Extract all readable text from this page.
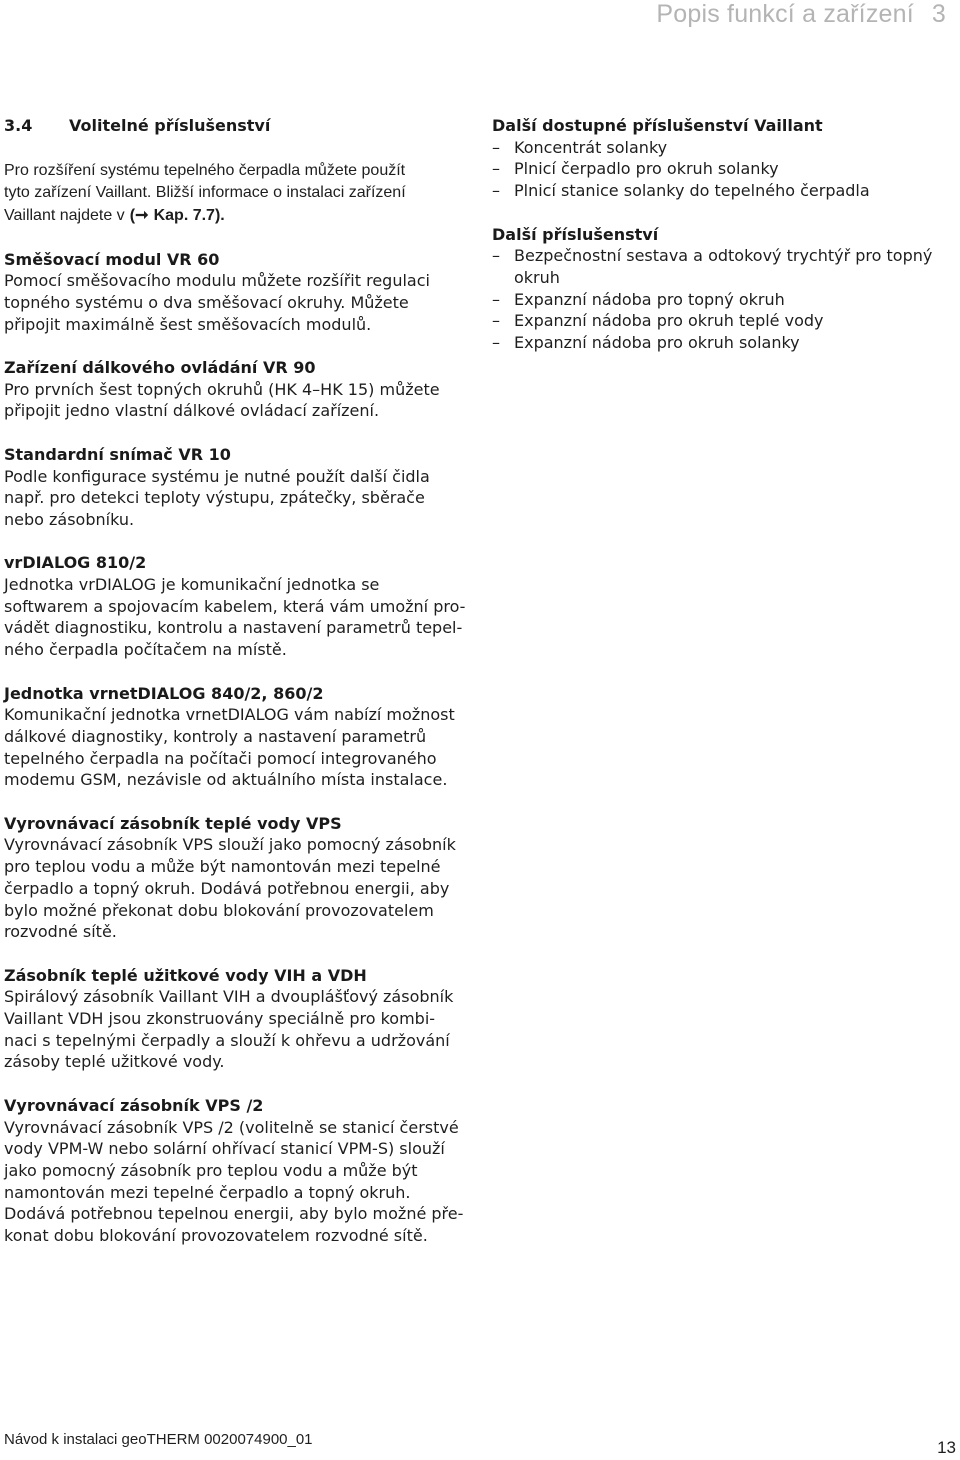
Popis funkcí a zařízení 3
3.4 Volitelné příslušenství

Pro rozšíření systému tepelného čerpadla můžete použít
tyto zařízení Vaillant. Bližší informace o instalaci zařízení
Vaillant najdete v (➞ Kap. 7.7).

Směšovací modul VR 60

Pomocí směšovacího modulu můžete rozšířit regulaci
topného systému o dva směšovací okruhy. Můžete
připojit maximálně šest směšovacích modulů.

Zařízení dálkového ovládání VR 90

Pro prvních šest topných okruhů (HK 4–HK 15) můžete
připojit jedno vlastní dálkové ovládací zařízení.

Standardní snímač VR 10

Podle konfigurace systému je nutné použít další čidla
např. pro detekci teploty výstupu, zpátečky, sběrače
nebo zásobníku.

vrDIALOG 810/2

Jednotka vrDIALOG je komunikační jednotka se
softwarem a spojovacím kabelem, která vám umožní pro-
vádět diagnostiku, kontrolu a nastavení parametrů tepel-
ného čerpadla počítačem na místě.

Jednotka vrnetDIALOG 840/2, 860/2

Komunikační jednotka vrnetDIALOG vám nabízí možnost
dálkové diagnostiky, kontroly a nastavení parametrů
tepelného čerpadla na počítači pomocí integrovaného
modemu GSM, nezávisle od aktuálního místa instalace.

Vyrovnávací zásobník teplé vody VPS

Vyrovnávací zásobník VPS slouží jako pomocný zásobník
pro teplou vodu a může být namontován mezi tepelné
čerpadlo a topný okruh. Dodává potřebnou energii, aby
bylo možné překonat dobu blokování provozovatelem
rozvodné sítě.

Zásobník teplé užitkové vody VIH a VDH

Spirálový zásobník Vaillant VIH a dvouplášťový zásobník
Vaillant VDH jsou zkonstruovány speciálně pro kombi-
naci s tepelnými čerpadly a slouží k ohřevu a udržování
zásoby teplé užitkové vody.

Vyrovnávací zásobník VPS /2

Vyrovnávací zásobník VPS /2 (volitelně se stanicí čerstvé
vody VPM-W nebo solární ohřívací stanicí VPM-S) slouží
jako pomocný zásobník pro teplou vodu a může být
namontován mezi tepelné čerpadlo a topný okruh.
Dodává potřebnou tepelnou energii, aby bylo možné pře-
konat dobu blokování provozovatelem rozvodné sítě.

Další dostupné příslušenství Vaillant
– Koncentrát solanky
– Plnicí čerpadlo pro okruh solanky
– Plnicí stanice solanky do tepelného čerpadla
Další příslušenství
– Bezpečnostní sestava a odtokový trychtýř pro topný okruh
– Expanzní nádoba pro topný okruh
– Expanzní nádoba pro okruh teplé vody
– Expanzní nádoba pro okruh solanky
Návod k instalaci geoTHERM 0020074900_01	13
